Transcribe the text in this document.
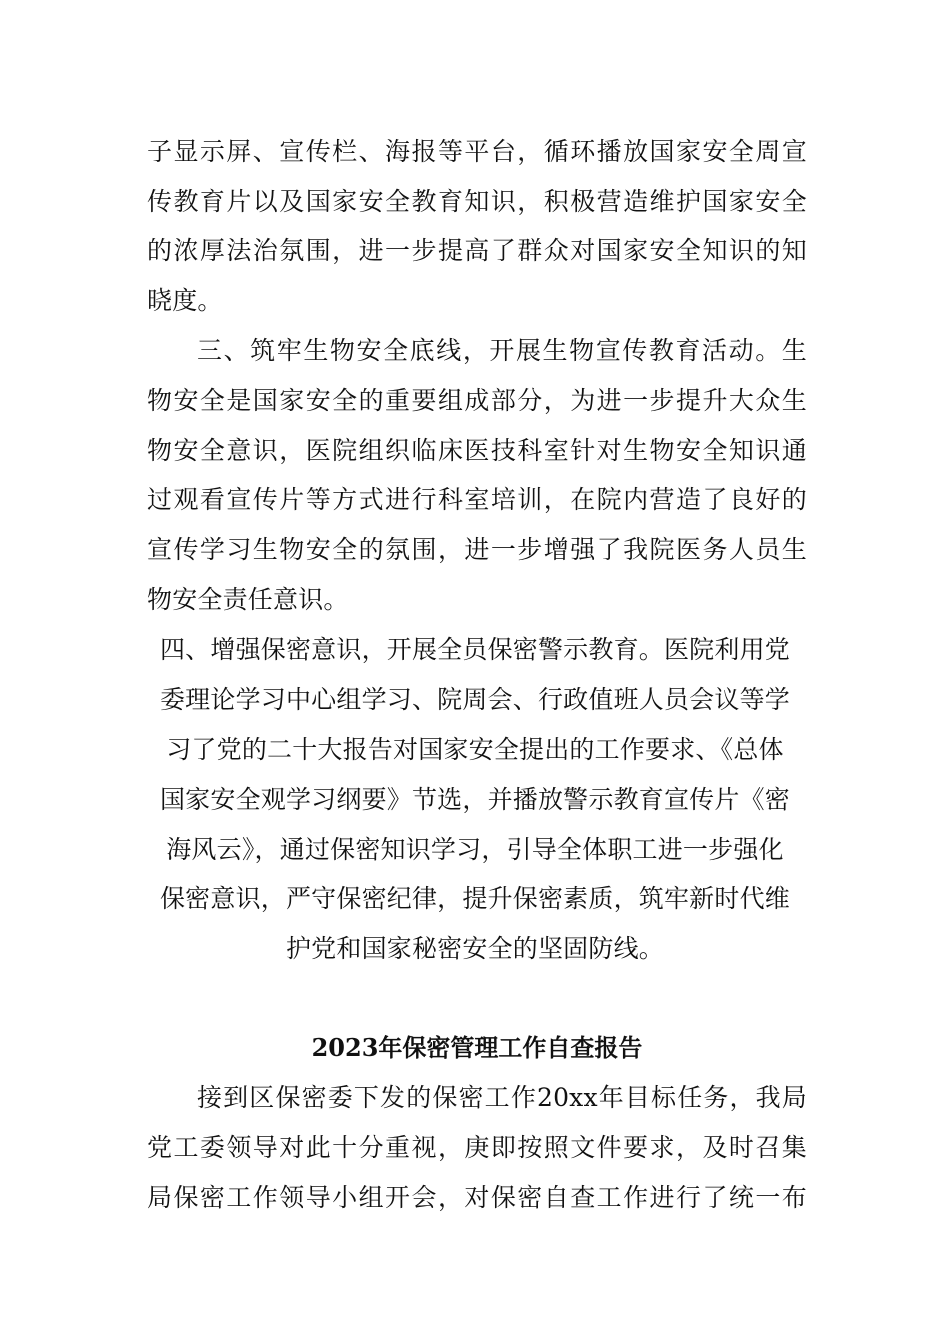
子显示屏、宣传栏、海报等平台，循环播放国家安全周宣
传教育片以及国家安全教育知识，积极营造维护国家安全
的浓厚法治氛围，进一步提高了群众对国家安全知识的知
晓度。
三、筑牢生物安全底线，开展生物宣传教育活动。生
物安全是国家安全的重要组成部分，为进一步提升大众生
物安全意识，医院组织临床医技科室针对生物安全知识通
过观看宣传片等方式进行科室培训，在院内营造了良好的
宣传学习生物安全的氛围，进一步增强了我院医务人员生
物安全责任意识。
四、增强保密意识，开展全员保密警示教育。医院利用党
委理论学习中心组学习、院周会、行政值班人员会议等学
习了党的二十大报告对国家安全提出的工作要求、《总体
国家安全观学习纲要》节选，并播放警示教育宣传片《密
海风云》，通过保密知识学习，引导全体职工进一步强化
保密意识，严守保密纪律，提升保密素质，筑牢新时代维
护党和国家秘密安全的坚固防线。
2023年保密管理工作自查报告
接到区保密委下发的保密工作20xx年目标任务，我局
党工委领导对此十分重视，庚即按照文件要求，及时召集
局保密工作领导小组开会，对保密自查工作进行了统一布
